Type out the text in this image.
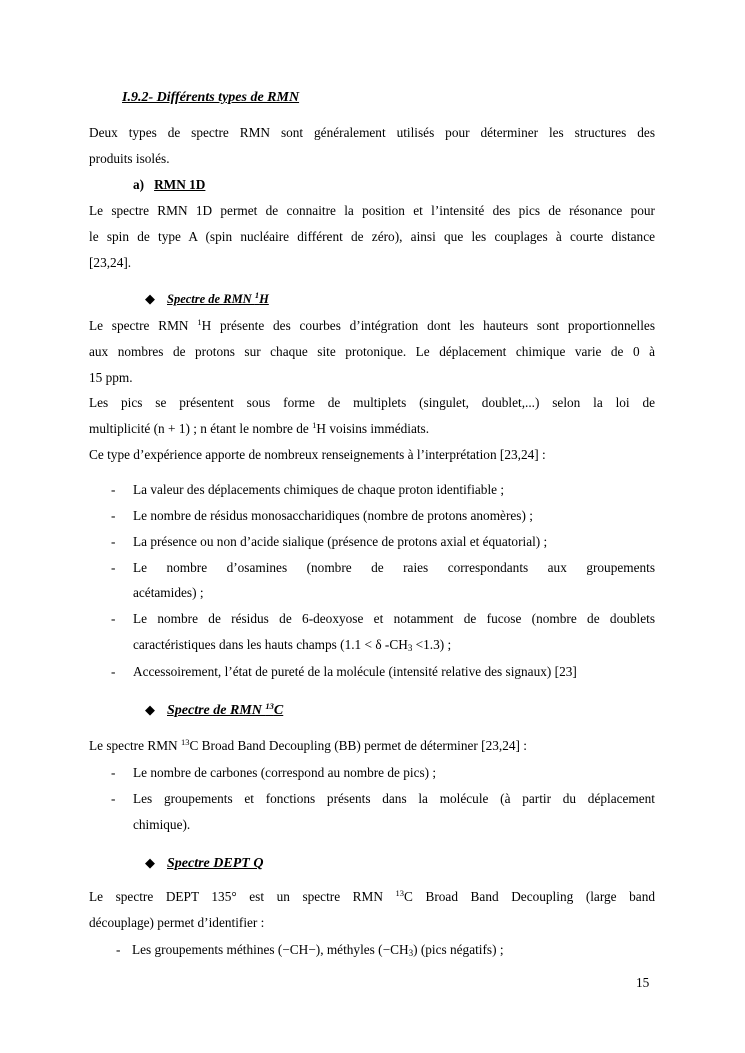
I.9.2- Différents types de RMN
Deux types de spectre RMN sont généralement utilisés pour déterminer les structures des
produits isolés.
a) RMN 1D
Le spectre RMN 1D permet de connaitre la position et l’intensité des pics de résonance pour
le spin de type A (spin nucléaire différent de zéro), ainsi que les couplages à courte distance
[23,24].
◆ Spectre de RMN $^1$H
Le spectre RMN $^1$H présente des courbes d’intégration dont les hauteurs sont proportionnelles
aux nombres de protons sur chaque site protonique. Le déplacement chimique varie de 0 à
15 ppm.
Les pics se présentent sous forme de multiplets (singulet, doublet,...) selon la loi de
multiplicité (n + 1) ; n étant le nombre de $^1$H voisins immédiats.
Ce type d’expérience apporte de nombreux renseignements à l’interprétation [23,24] :
- La valeur des déplacements chimiques de chaque proton identifiable ;
- Le nombre de résidus monosaccharidiques (nombre de protons anomères) ;
- La présence ou non d’acide sialique (présence de protons axial et équatorial) ;
- Le nombre d’osamines (nombre de raies correspondants aux groupements
acétamides) ;
- Le nombre de résidus de 6-deoxyose et notamment de fucose (nombre de doublets
caractéristiques dans les hauts champs (1.1 < δ $-CH_3 <1.3$) ;
- Accessoirement, l’état de pureté de la molécule (intensité relative des signaux) [23]
◆ Spectre de RMN $^{13}$C
Le spectre RMN $^{13}$C Broad Band Decoupling (BB) permet de déterminer [23,24] :
- Le nombre de carbones (correspond au nombre de pics) ;
- Les groupements et fonctions présents dans la molécule (à partir du déplacement
chimique).
◆ Spectre DEPT Q
Le spectre DEPT 135° est un spectre RMN $^{13}$C Broad Band Decoupling (large band
découplage) permet d’identifier :
- Les groupements méthines (−CH−), méthyles $(-CH_3)$ (pics négatifs) ;
15
